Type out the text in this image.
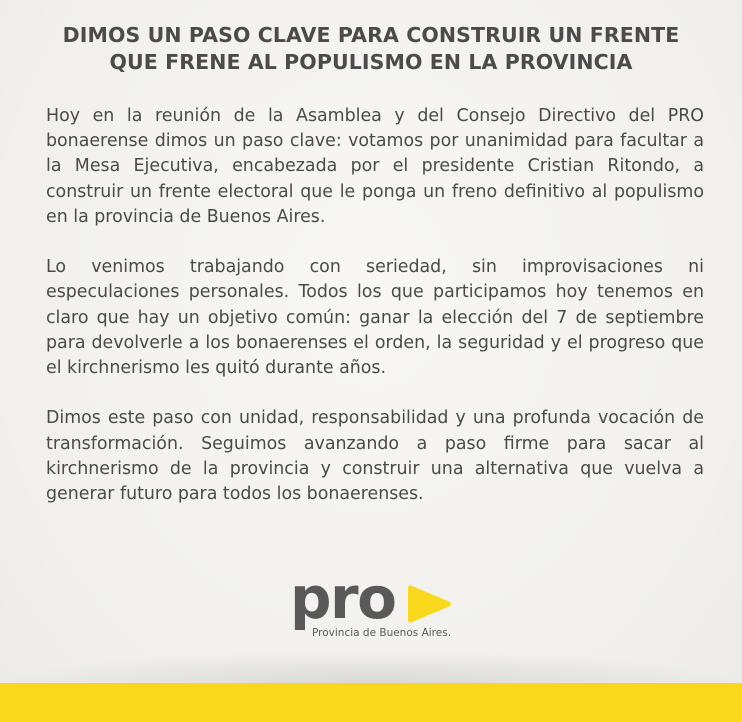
DIMOS UN PASO CLAVE PARA CONSTRUIR UN FRENTE
QUE FRENE AL POPULISMO EN LA PROVINCIA

Hoy en la reunión de la Asamblea y del Consejo Directivo del PRO bonaerense dimos un paso clave: votamos por unanimidad para facultar a la Mesa Ejecutiva, encabezada por el presidente Cristian Ritondo, a construir un frente electoral que le ponga un freno definitivo al populismo en la provincia de Buenos Aires.

Lo venimos trabajando con seriedad, sin improvisaciones ni especulaciones personales. Todos los que participamos hoy tenemos en claro que hay un objetivo común: ganar la elección del 7 de septiembre para devolverle a los bonaerenses el orden, la seguridad y el progreso que el kirchnerismo les quitó durante años.

Dimos este paso con unidad, responsabilidad y una profunda vocación de transformación. Seguimos avanzando a paso firme para sacar al kirchnerismo de la provincia y construir una alternativa que vuelva a generar futuro para todos los bonaerenses.

pro
Provincia de Buenos Aires.
